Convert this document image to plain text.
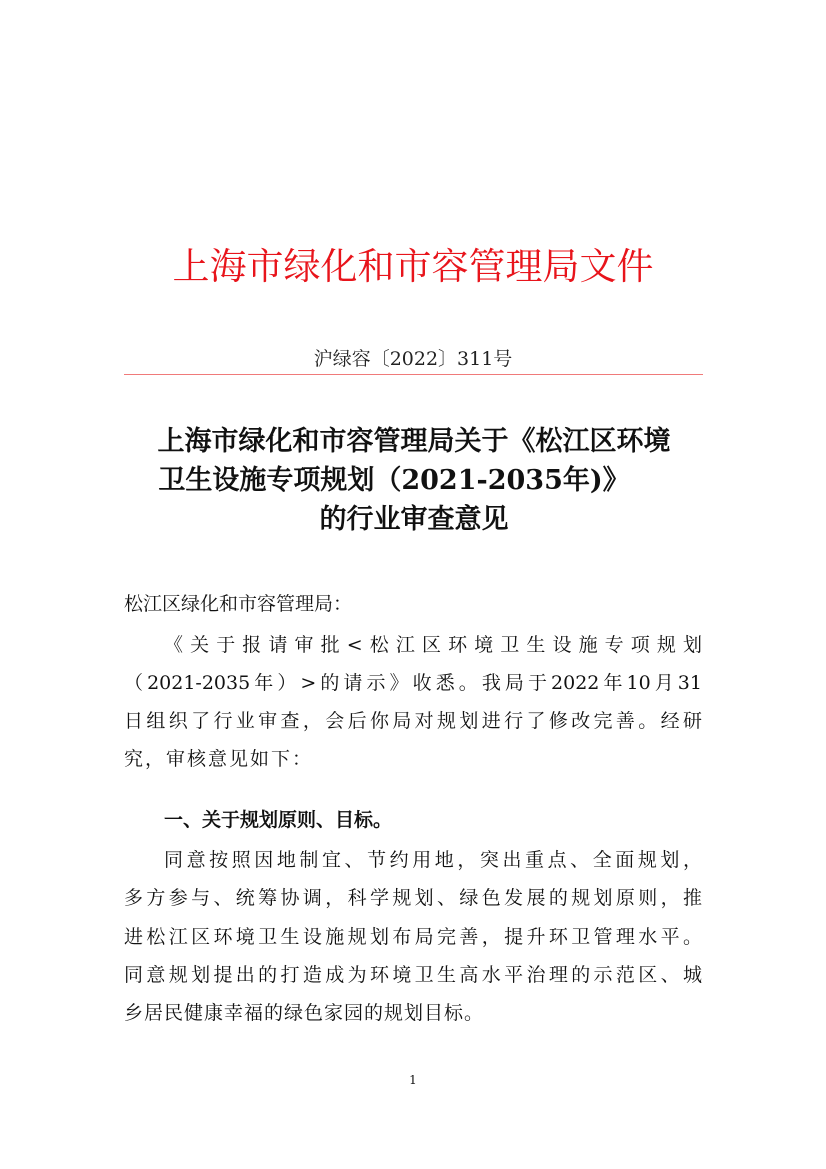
上海市绿化和市容管理局文件
沪绿容〔2022〕311号
上海市绿化和市容管理局关于《松江区环境
卫生设施专项规划（2021-2035年)》
的行业审查意见
松江区绿化和市容管理局：
《关于报请审批<松江区环境卫生设施专项规划
（2021-2035年）>的请示》收悉。我局于2022年10月31
日组织了行业审查，会后你局对规划进行了修改完善。经研
究，审核意见如下：
一、关于规划原则、目标。
同意按照因地制宜、节约用地，突出重点、全面规划，
多方参与、统筹协调，科学规划、绿色发展的规划原则，推
进松江区环境卫生设施规划布局完善，提升环卫管理水平。
同意规划提出的打造成为环境卫生高水平治理的示范区、城
乡居民健康幸福的绿色家园的规划目标。
1
